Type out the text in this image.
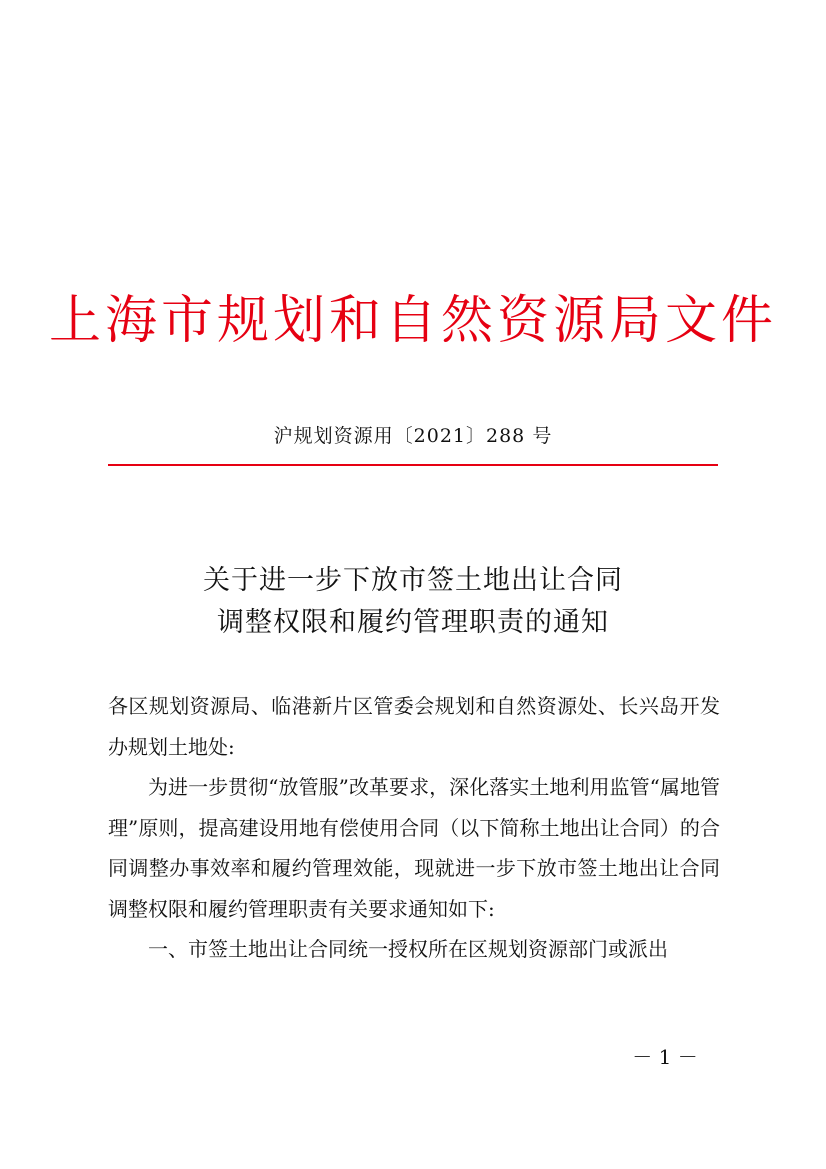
上海市规划和自然资源局文件
沪规划资源用〔2021〕288 号
关于进一步下放市签土地出让合同
调整权限和履约管理职责的通知

各区规划资源局、临港新片区管委会规划和自然资源处、长兴岛开发办规划土地处:

为进一步贯彻“放管服”改革要求，深化落实土地利用监管“属地管理”原则，提高建设用地有偿使用合同（以下简称土地出让合同）的合同调整办事效率和履约管理效能，现就进一步下放市签土地出让合同调整权限和履约管理职责有关要求通知如下:

一、市签土地出让合同统一授权所在区规划资源部门或派出

－ 1 －
